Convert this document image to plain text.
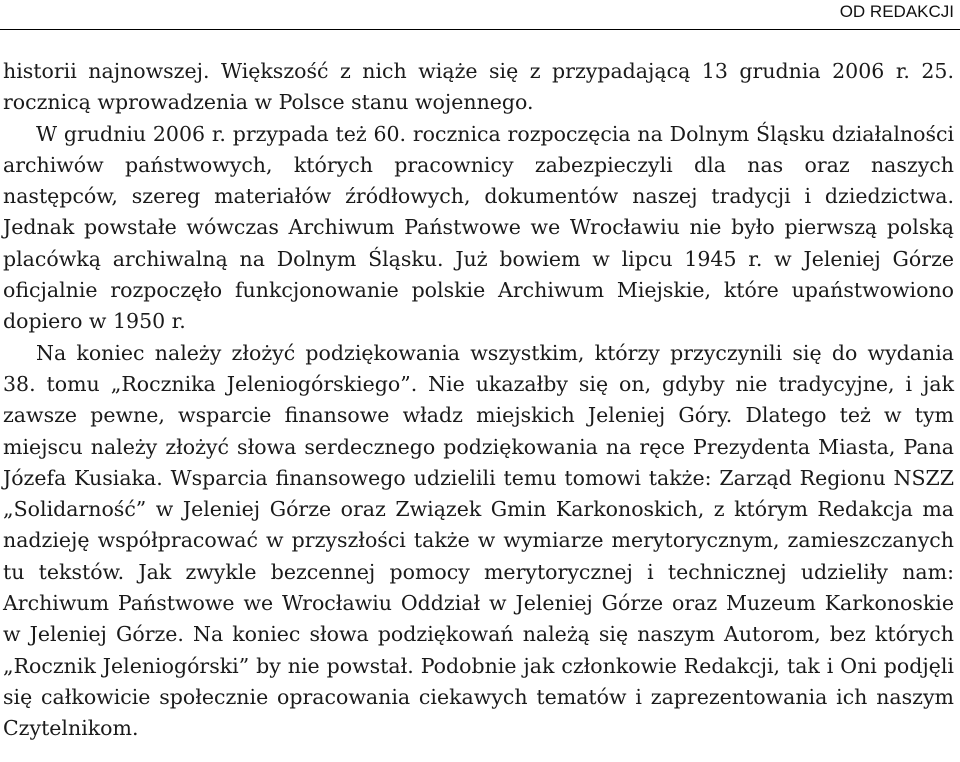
OD REDAKCJI

historii najnowszej. Większość z nich wiąże się z przypadającą 13 grudnia 2006 r. 25. rocznicą wprowadzenia w Polsce stanu wojennego.

W grudniu 2006 r. przypada też 60. rocznica rozpoczęcia na Dolnym Śląsku działalności archiwów państwowych, których pracownicy zabezpieczyli dla nas oraz naszych następców, szereg materiałów źródłowych, dokumentów naszej tradycji i dziedzictwa. Jednak powstałe wówczas Archiwum Państwowe we Wrocławiu nie było pierwszą polską placówką archiwalną na Dolnym Śląsku. Już bowiem w lipcu 1945 r. w Jeleniej Górze oficjalnie rozpoczęło funkcjonowanie polskie Archiwum Miejskie, które upaństwowiono dopiero w 1950 r.

Na koniec należy złożyć podziękowania wszystkim, którzy przyczynili się do wydania 38. tomu „Rocznika Jeleniogórskiego”. Nie ukazałby się on, gdyby nie tradycyjne, i jak zawsze pewne, wsparcie finansowe władz miejskich Jeleniej Góry. Dlatego też w tym miejscu należy złożyć słowa serdecznego podziękowania na ręce Prezydenta Miasta, Pana Józefa Kusiaka. Wsparcia finansowego udzielili temu tomowi także: Zarząd Regionu NSZZ „Solidarność” w Jeleniej Górze oraz Związek Gmin Karkonoskich, z którym Redakcja ma nadzieję współpracować w przyszłości także w wymiarze merytorycznym, zamieszczanych tu tekstów. Jak zwykle bezcennej pomocy merytorycznej i technicznej udzieliły nam: Archiwum Państwowe we Wrocławiu Oddział w Jeleniej Górze oraz Muzeum Karkonoskie w Jeleniej Górze. Na koniec słowa podziękowań należą się naszym Autorom, bez których „Rocznik Jeleniogórski” by nie powstał. Podobnie jak członkowie Redakcji, tak i Oni podjęli się całkowicie społecznie opracowania ciekawych tematów i zaprezentowania ich naszym Czytelnikom.
